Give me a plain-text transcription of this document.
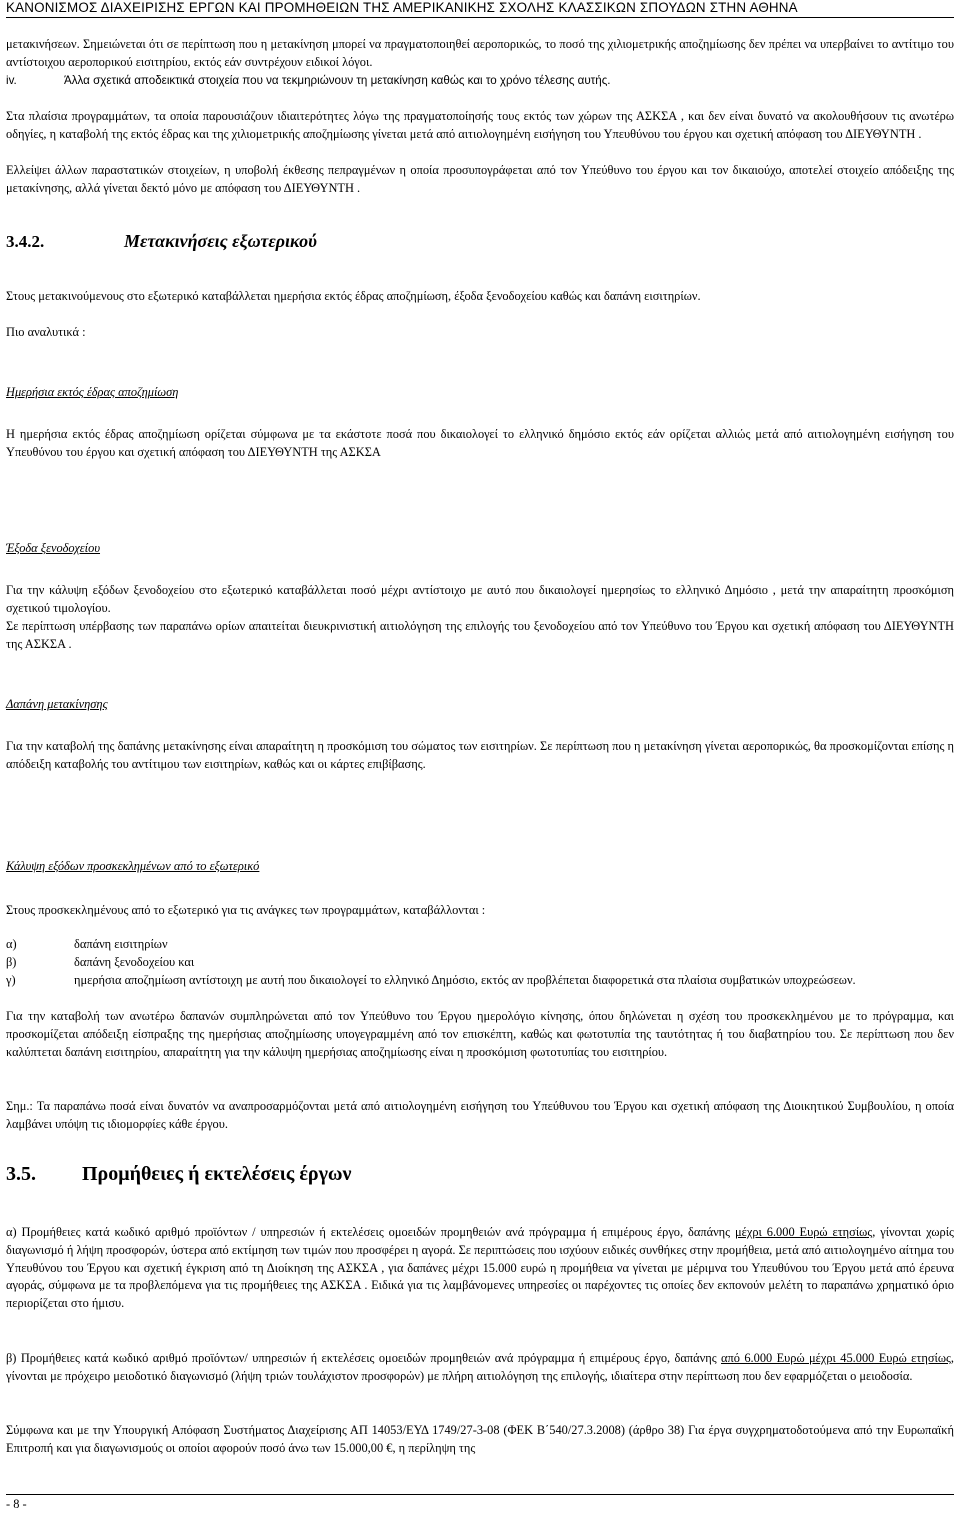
ΚΑΝΟΝΙΣΜΟΣ ΔΙΑΧΕΙΡΙΣΗΣ ΕΡΓΩΝ ΚΑΙ ΠΡΟΜΗΘΕΙΩΝ ΤΗΣ ΑΜΕΡΙΚΑΝΙΚΗΣ ΣΧΟΛΗΣ ΚΛΑΣΣΙΚΩΝ ΣΠΟΥΔΩΝ ΣΤΗΝ ΑΘΗΝΑ
μετακινήσεων. Σημειώνεται ότι σε περίπτωση που η μετακίνηση μπορεί να πραγματοποιηθεί αεροπορικώς, το ποσό της χιλιομετρικής αποζημίωσης δεν πρέπει να υπερβαίνει το αντίτιμο του αντίστοιχου αεροπορικού εισιτηρίου, εκτός εάν συντρέχουν ειδικοί λόγοι.
iv.	Άλλα σχετικά αποδεικτικά στοιχεία που να τεκμηριώνουν τη μετακίνηση καθώς και το χρόνο τέλεσης αυτής.
Στα πλαίσια προγραμμάτων, τα οποία παρουσιάζουν ιδιαιτερότητες λόγω της πραγματοποίησής τους εκτός των χώρων της ΑΣΚΣΑ , και δεν είναι δυνατό να ακολουθήσουν τις ανωτέρω οδηγίες, η καταβολή της εκτός έδρας και της χιλιομετρικής αποζημίωσης γίνεται μετά από αιτιολογημένη εισήγηση του Υπευθύνου του έργου και σχετική απόφαση του ΔΙΕΥΘΥΝΤΗ .
Ελλείψει άλλων παραστατικών στοιχείων, η υποβολή έκθεσης πεπραγμένων η οποία προσυπογράφεται από τον Υπεύθυνο του έργου και τον δικαιούχο, αποτελεί στοιχείο απόδειξης της μετακίνησης, αλλά γίνεται δεκτό μόνο με απόφαση του ΔΙΕΥΘΥΝΤΗ .
3.4.2.	Μετακινήσεις εξωτερικού
Στους μετακινούμενους στο εξωτερικό καταβάλλεται ημερήσια εκτός έδρας αποζημίωση, έξοδα ξενοδοχείου καθώς και δαπάνη εισιτηρίων.
Πιο αναλυτικά :
Ημερήσια εκτός έδρας αποζημίωση
Η ημερήσια εκτός έδρας αποζημίωση ορίζεται σύμφωνα με τα εκάστοτε ποσά που δικαιολογεί το ελληνικό δημόσιο εκτός εάν ορίζεται αλλιώς μετά από αιτιολογημένη εισήγηση του Υπευθύνου του έργου και σχετική απόφαση του ΔΙΕΥΘΥΝΤΗ της ΑΣΚΣΑ
Έξοδα ξενοδοχείου
Για την κάλυψη εξόδων ξενοδοχείου στο εξωτερικό καταβάλλεται ποσό μέχρι αντίστοιχο με αυτό που δικαιολογεί ημερησίως το ελληνικό Δημόσιο , μετά την απαραίτητη προσκόμιση σχετικού τιμολογίου.
Σε περίπτωση υπέρβασης των παραπάνω ορίων απαιτείται διευκρινιστική αιτιολόγηση της επιλογής του ξενοδοχείου από τον Υπεύθυνο του Έργου και σχετική απόφαση του ΔΙΕΥΘΥΝΤΗ της ΑΣΚΣΑ .
Δαπάνη μετακίνησης
Για την καταβολή της δαπάνης μετακίνησης είναι απαραίτητη η προσκόμιση του σώματος των εισιτηρίων. Σε περίπτωση που η μετακίνηση γίνεται αεροπορικώς, θα προσκομίζονται επίσης η απόδειξη καταβολής του αντίτιμου των εισιτηρίων, καθώς και οι κάρτες επιβίβασης.
Κάλυψη εξόδων προσκεκλημένων από το εξωτερικό
Στους προσκεκλημένους από το εξωτερικό για τις ανάγκες των προγραμμάτων, καταβάλλονται :
α)	δαπάνη εισιτηρίων
β)	δαπάνη ξενοδοχείου και
γ)	ημερήσια αποζημίωση αντίστοιχη με αυτή που δικαιολογεί το ελληνικό Δημόσιο, εκτός αν προβλέπεται διαφορετικά στα πλαίσια συμβατικών υποχρεώσεων.
Για την καταβολή των ανωτέρω δαπανών συμπληρώνεται από τον Υπεύθυνο του Έργου ημερολόγιο κίνησης, όπου δηλώνεται η σχέση του προσκεκλημένου με το πρόγραμμα, και προσκομίζεται απόδειξη είσπραξης της ημερήσιας αποζημίωσης υπογεγραμμένη από τον επισκέπτη, καθώς και φωτοτυπία της ταυτότητας ή του διαβατηρίου του. Σε περίπτωση που δεν καλύπτεται δαπάνη εισιτηρίου, απαραίτητη για την κάλυψη ημερήσιας αποζημίωσης είναι η προσκόμιση φωτοτυπίας του εισιτηρίου.
Σημ.: Τα παραπάνω ποσά είναι δυνατόν να αναπροσαρμόζονται μετά από αιτιολογημένη εισήγηση του Υπεύθυνου του Έργου και σχετική απόφαση της Διοικητικού Συμβουλίου, η οποία λαμβάνει υπόψη τις ιδιομορφίες κάθε έργου.
3.5. Προμήθειες ή εκτελέσεις έργων
α) Προμήθειες κατά κωδικό αριθμό προϊόντων / υπηρεσιών ή εκτελέσεις ομοειδών προμηθειών ανά πρόγραμμα ή επιμέρους έργο, δαπάνης μέχρι 6.000 Ευρώ ετησίως, γίνονται χωρίς διαγωνισμό ή λήψη προσφορών, ύστερα από εκτίμηση των τιμών που προσφέρει η αγορά. Σε περιπτώσεις που ισχύουν ειδικές συνθήκες στην προμήθεια, μετά από αιτιολογημένο αίτημα του Υπευθύνου του Έργου και σχετική έγκριση από τη Διοίκηση της ΑΣΚΣΑ , για δαπάνες μέχρι 15.000 ευρώ η προμήθεια να γίνεται με μέριμνα του Υπευθύνου του Έργου μετά από έρευνα αγοράς, σύμφωνα με τα προβλεπόμενα για τις προμήθειες της ΑΣΚΣΑ . Ειδικά για τις λαμβάνομενες υπηρεσίες οι παρέχοντες τις οποίες δεν εκπονούν μελέτη το παραπάνω χρηματικό όριο περιορίζεται στο ήμισυ.
β) Προμήθειες κατά κωδικό αριθμό προϊόντων/ υπηρεσιών ή εκτελέσεις ομοειδών προμηθειών ανά πρόγραμμα ή επιμέρους έργο, δαπάνης από 6.000 Ευρώ μέχρι 45.000 Ευρώ ετησίως, γίνονται με πρόχειρο μειοδοτικό διαγωνισμό (λήψη τριών τουλάχιστον προσφορών) με πλήρη αιτιολόγηση της επιλογής, ιδιαίτερα στην περίπτωση που δεν εφαρμόζεται ο μειοδοσία.
Σύμφωνα και με την Υπουργική Απόφαση Συστήματος Διαχείρισης ΑΠ 14053/ΕΥΔ 1749/27-3-08 (ΦΕΚ Β΄540/27.3.2008) (άρθρο 38) Για έργα συγχρηματοδοτούμενα από την Ευρωπαϊκή Επιτροπή και για διαγωνισμούς οι οποίοι αφορούν ποσό άνω των 15.000,00 €, η περίληψη της
- 8 -
